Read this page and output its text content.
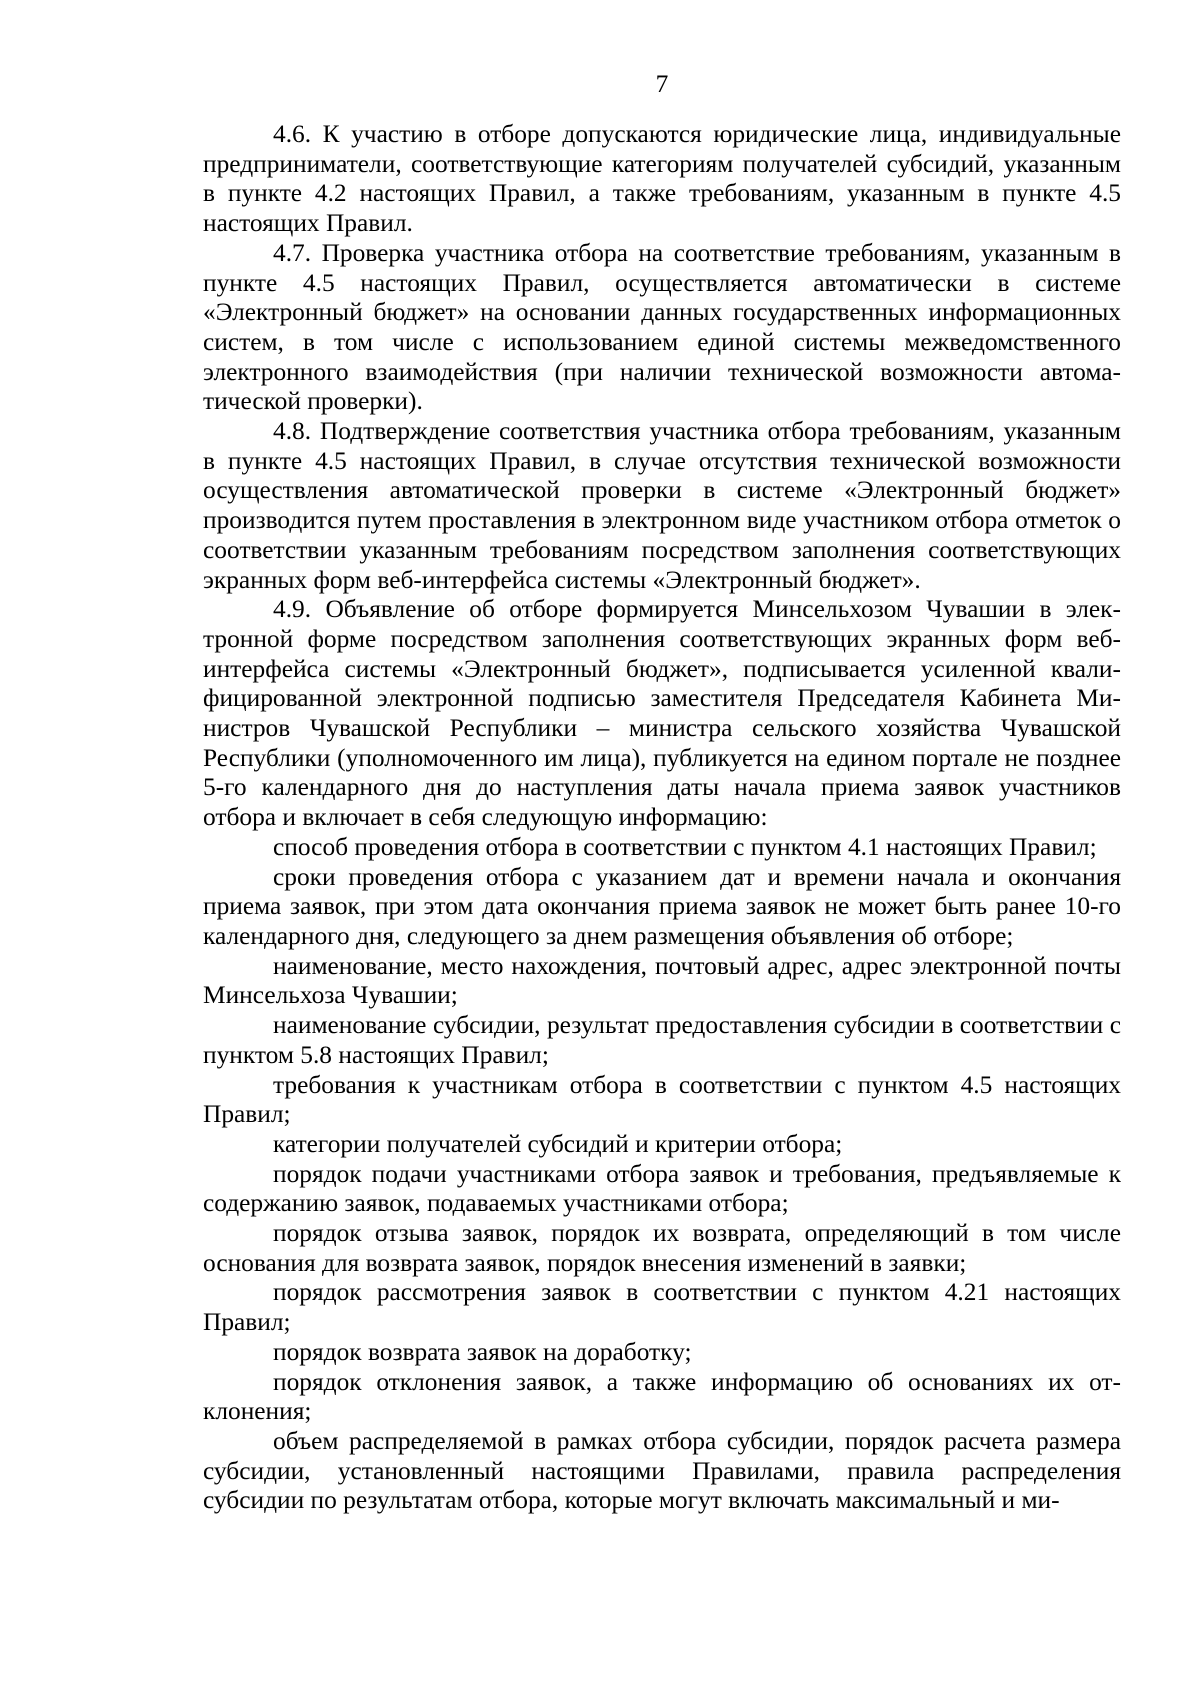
7

4.6. К участию в отборе допускаются юридические лица, индивидуальные предприниматели, соответствующие категориям получателей субсидий, указанным в пункте 4.2 настоящих Правил, а также требованиям, указанным в пункте 4.5 настоящих Правил.

4.7. Проверка участника отбора на соответствие требованиям, указанным в пункте 4.5 настоящих Правил, осуществляется автоматически в системе «Электронный бюджет» на основании данных государственных информационных систем, в том числе с использованием единой системы межведомственного электронного взаимодействия (при наличии технической возможности автоматической проверки).

4.8. Подтверждение соответствия участника отбора требованиям, указанным в пункте 4.5 настоящих Правил, в случае отсутствия технической возможности осуществления автоматической проверки в системе «Электронный бюджет» производится путем проставления в электронном виде участником отбора отметок о соответствии указанным требованиям посредством заполнения соответствующих экранных форм веб-интерфейса системы «Электронный бюджет».

4.9. Объявление об отборе формируется Минсельхозом Чувашии в электронной форме посредством заполнения соответствующих экранных форм веб-интерфейса системы «Электронный бюджет», подписывается усиленной квалифицированной электронной подписью заместителя Председателя Кабинета Министров Чувашской Республики – министра сельского хозяйства Чувашской Республики (уполномоченного им лица), публикуется на едином портале не позднее 5-го календарного дня до наступления даты начала приема заявок участников отбора и включает в себя следующую информацию:

способ проведения отбора в соответствии с пунктом 4.1 настоящих Правил;

сроки проведения отбора с указанием дат и времени начала и окончания приема заявок, при этом дата окончания приема заявок не может быть ранее 10-го календарного дня, следующего за днем размещения объявления об отборе;

наименование, место нахождения, почтовый адрес, адрес электронной почты Минсельхоза Чувашии;

наименование субсидии, результат предоставления субсидии в соответствии с пунктом 5.8 настоящих Правил;

требования к участникам отбора в соответствии с пунктом 4.5 настоящих Правил;

категории получателей субсидий и критерии отбора;

порядок подачи участниками отбора заявок и требования, предъявляемые к содержанию заявок, подаваемых участниками отбора;

порядок отзыва заявок, порядок их возврата, определяющий в том числе основания для возврата заявок, порядок внесения изменений в заявки;

порядок рассмотрения заявок в соответствии с пунктом 4.21 настоящих Правил;

порядок возврата заявок на доработку;

порядок отклонения заявок, а также информацию об основаниях их отклонения;

объем распределяемой в рамках отбора субсидии, порядок расчета размера субсидии, установленный настоящими Правилами, правила распределения субсидии по результатам отбора, которые могут включать максимальный и ми-
